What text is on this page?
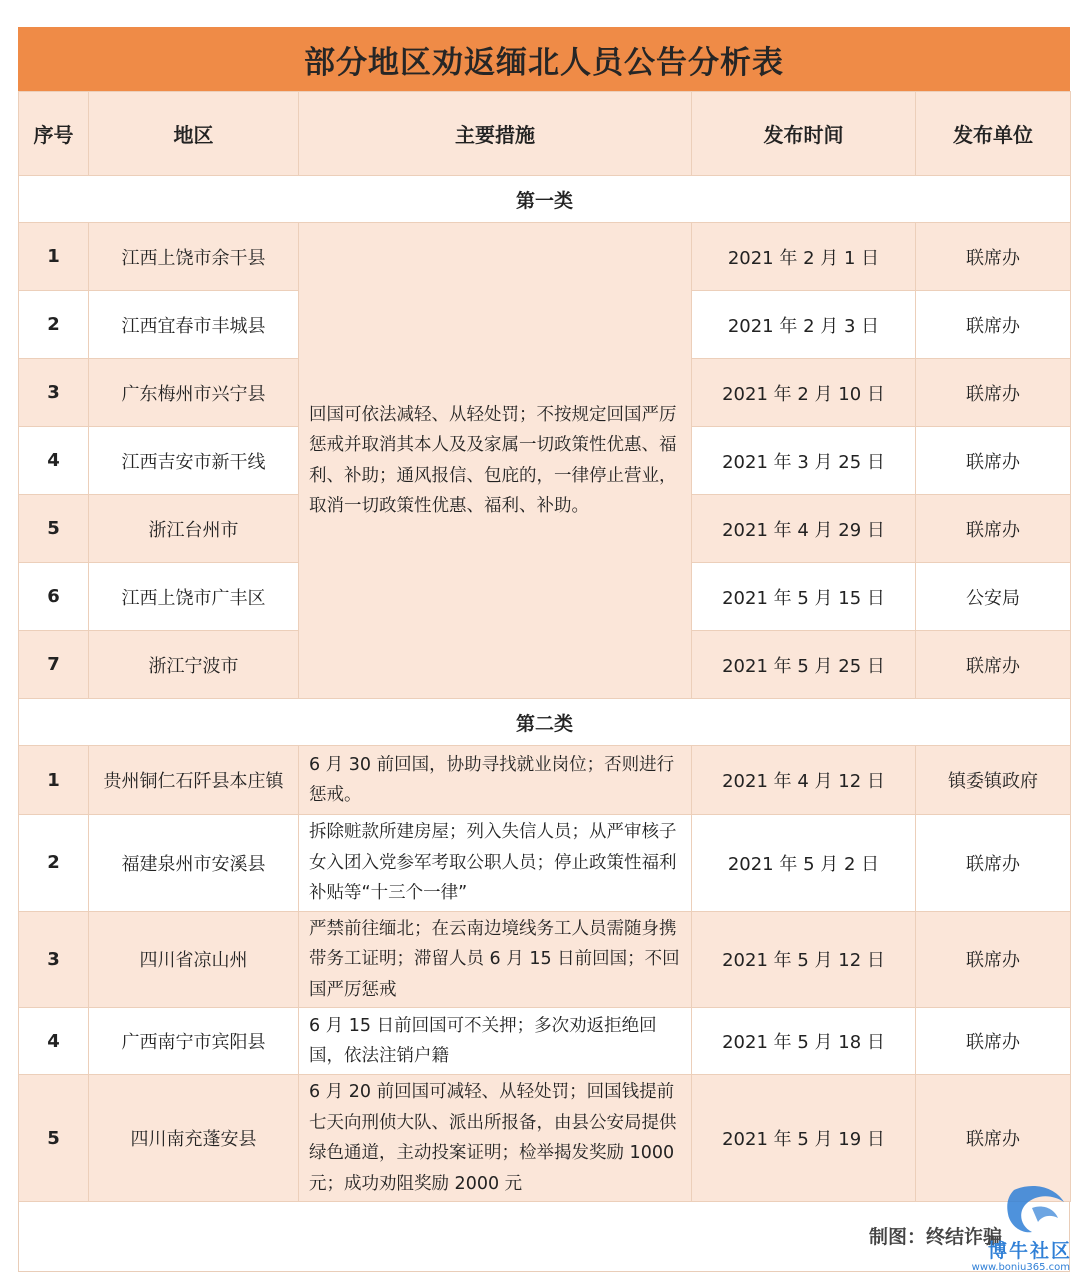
部分地区劝返缅北人员公告分析表
序号	地区	主要措施	发布时间	发布单位
第一类				
1	江西上饶市余干县	回国可依法减轻、从轻处罚；不按规定回国严厉惩戒并取消其本人及及家属一切政策性优惠、福利、补助；通风报信、包庇的，一律停止营业，取消一切政策性优惠、福利、补助。	2021 年 2 月 1 日	联席办
2	江西宜春市丰城县		2021 年 2 月 3 日	联席办
3	广东梅州市兴宁县		2021 年 2 月 10 日	联席办
4	江西吉安市新干线		2021 年 3 月 25 日	联席办
5	浙江台州市		2021 年 4 月 29 日	联席办
6	江西上饶市广丰区		2021 年 5 月 15 日	公安局
7	浙江宁波市		2021 年 5 月 25 日	联席办
第二类				
1	贵州铜仁石阡县本庄镇	6 月 30 前回国，协助寻找就业岗位；否则进行惩戒。	2021 年 4 月 12 日	镇委镇政府
2	福建泉州市安溪县	拆除赃款所建房屋；列入失信人员；从严审核子女入团入党参军考取公职人员；停止政策性福利补贴等“十三个一律”	2021 年 5 月 2 日	联席办
3	四川省凉山州	严禁前往缅北；在云南边境线务工人员需随身携带务工证明；滞留人员 6 月 15 日前回国；不回国严厉惩戒	2021 年 5 月 12 日	联席办
4	广西南宁市宾阳县	6 月 15 日前回国可不关押；多次劝返拒绝回国，依法注销户籍	2021 年 5 月 18 日	联席办
5	四川南充蓬安县	6 月 20 前回国可减轻、从轻处罚；回国钱提前七天向刑侦大队、派出所报备，由县公安局提供绿色通道，主动投案证明；检举揭发奖励 1000 元；成功劝阻奖励 2000 元	2021 年 5 月 19 日	联席办
制图：终结诈骗
博牛社区
www.boniu365.com
